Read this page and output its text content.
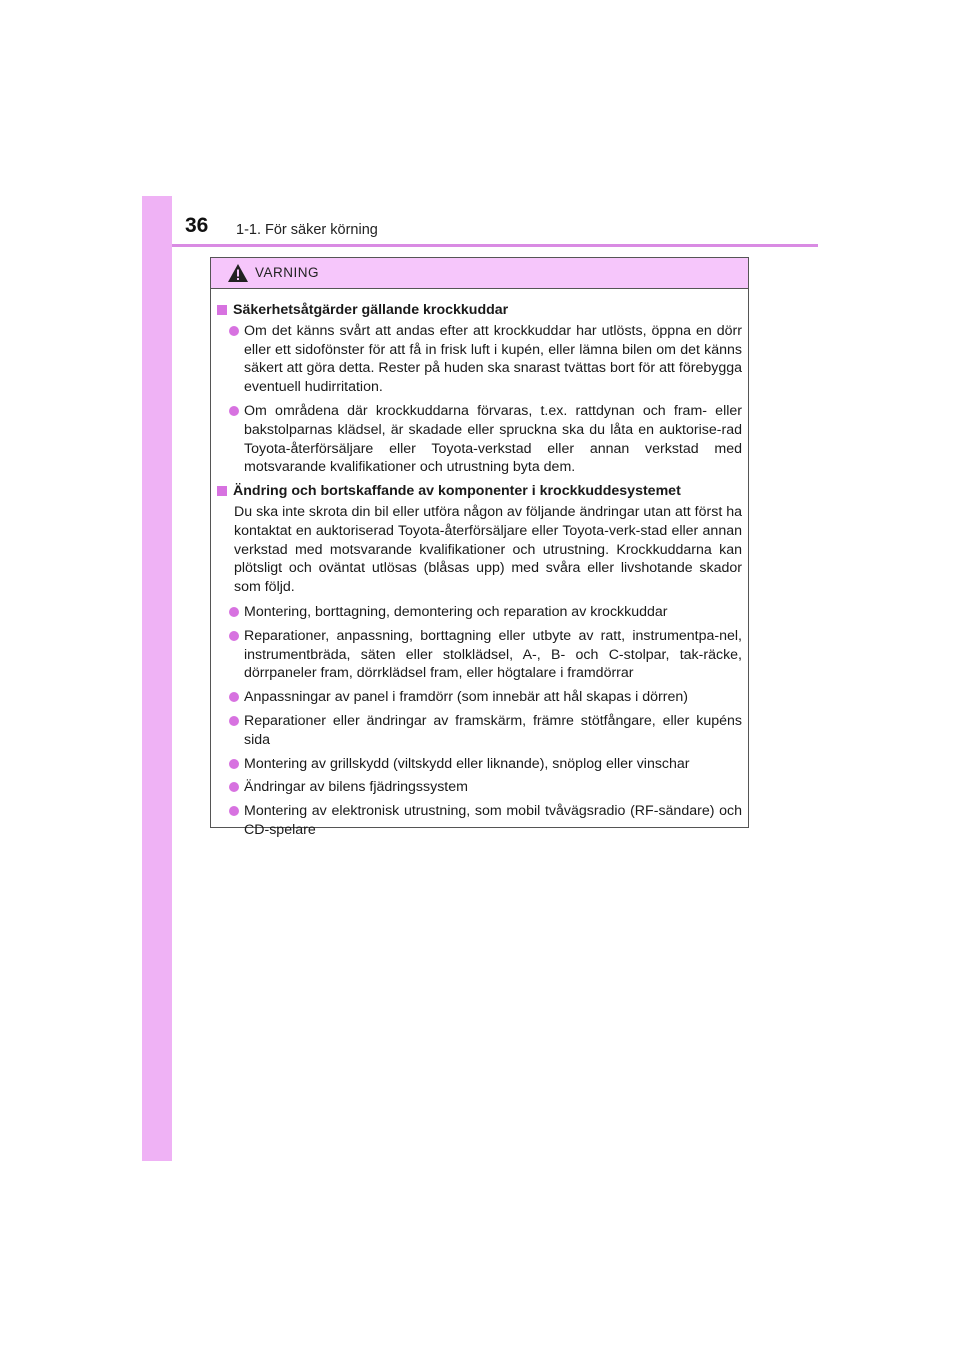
36 1-1. För säker körning
VARNING
Säkerhetsåtgärder gällande krockkuddar
Om det känns svårt att andas efter att krockkuddar har utlösts, öppna en dörr eller ett sidofönster för att få in frisk luft i kupén, eller lämna bilen om det känns säkert att göra detta. Rester på huden ska snarast tvättas bort för att förebygga eventuell hudirritation.
Om områdena där krockkuddarna förvaras, t.ex. rattdynan och fram- eller bakstolparnas klädsel, är skadade eller spruckna ska du låta en auktorise-rad Toyota-återförsäljare eller Toyota-verkstad eller annan verkstad med motsvarande kvalifikationer och utrustning byta dem.
Ändring och bortskaffande av komponenter i krockkuddesystemet
Du ska inte skrota din bil eller utföra någon av följande ändringar utan att först ha kontaktat en auktoriserad Toyota-återförsäljare eller Toyota-verk-stad eller annan verkstad med motsvarande kvalifikationer och utrustning. Krockkuddarna kan plötsligt och oväntat utlösas (blåsas upp) med svåra eller livshotande skador som följd.
Montering, borttagning, demontering och reparation av krockkuddar
Reparationer, anpassning, borttagning eller utbyte av ratt, instrumentpa-nel, instrumentbräda, säten eller stolklädsel, A-, B- och C-stolpar, tak-räcke, dörrpaneler fram, dörrklädsel fram, eller högtalare i framdörrar
Anpassningar av panel i framdörr (som innebär att hål skapas i dörren)
Reparationer eller ändringar av framskärm, främre stötfångare, eller kupéns sida
Montering av grillskydd (viltskydd eller liknande), snöplog eller vinschar
Ändringar av bilens fjädringssystem
Montering av elektronisk utrustning, som mobil tvåvägsradio (RF-sändare) och CD-spelare
